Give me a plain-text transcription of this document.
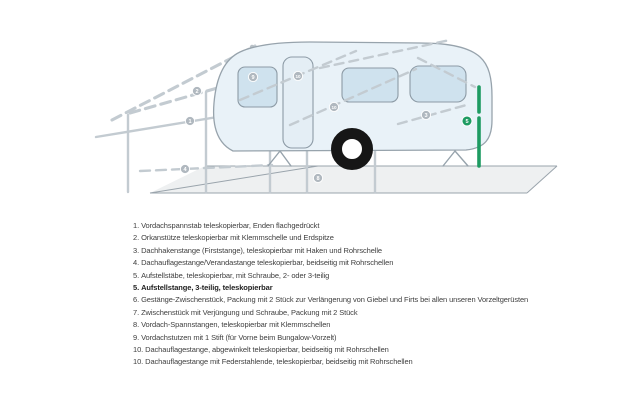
1
2
3
4
8
9	10
10
5
1. Vordachspannstab teleskopierbar, Enden flachgedrückt
2. Orkanstütze teleskopierbar mit Klemmschelle und Erdspitze
3. Dachhakenstange (Firststange), teleskopierbar mit Haken und Rohrschelle
4. Dachauflagestange/Verandastange teleskopierbar, beidseitig mit Rohrschellen
5. Aufstellstäbe, teleskopierbar, mit Schraube, 2- oder 3-teilig
5. Aufstellstange, 3-teilig, teleskopierbar
6. Gestänge-Zwischenstück, Packung mit 2 Stück zur Verlängerung von Giebel und Firts bei allen unseren Vorzeltgerüsten
7. Zwischenstück mit Verjüngung und Schraube, Packung mit 2 Stück
8. Vordach-Spannstangen, teleskopierbar mit Klemmschellen
9. Vordachstutzen mit 1 Stift (für Vorne beim Bungalow-Vorzelt)
10. Dachauflagestange, abgewinkelt teleskopierbar, beidseitig mit Rohrschellen
10. Dachauflagestange mit Federstahlende, teleskopierbar, beidseitig mit Rohrschellen
